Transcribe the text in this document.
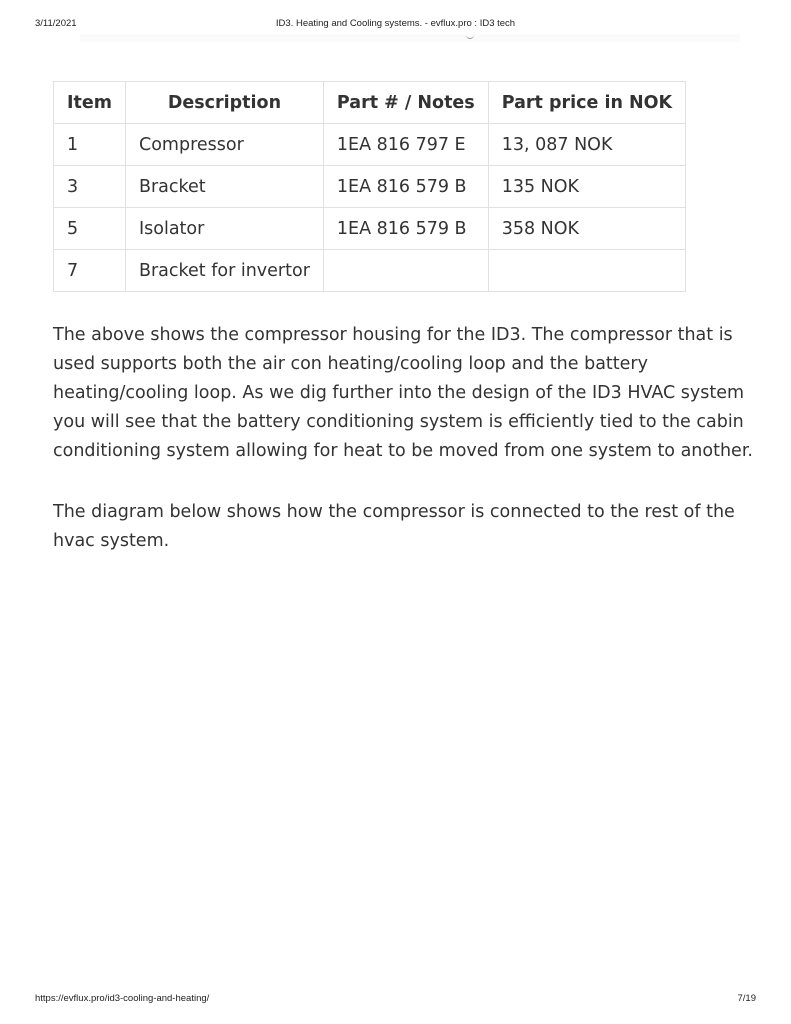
3/11/2021	ID3. Heating and Cooling systems. - evflux.pro : ID3 tech
Item	Description	Part # / Notes	Part price in NOK
1	Compressor	1EA 816 797 E	13, 087 NOK
3	Bracket	1EA 816 579 B	135 NOK
5	Isolator	1EA 816 579 B	358 NOK
7	Bracket for invertor		

The above shows the compressor housing for the ID3. The compressor that is used supports both the air con heating/cooling loop and the battery heating/cooling loop. As we dig further into the design of the ID3 HVAC system you will see that the battery conditioning system is efficiently tied to the cabin conditioning system allowing for heat to be moved from one system to another.

The diagram below shows how the compressor is connected to the rest of the hvac system.

https://evflux.pro/id3-cooling-and-heating/	7/19
